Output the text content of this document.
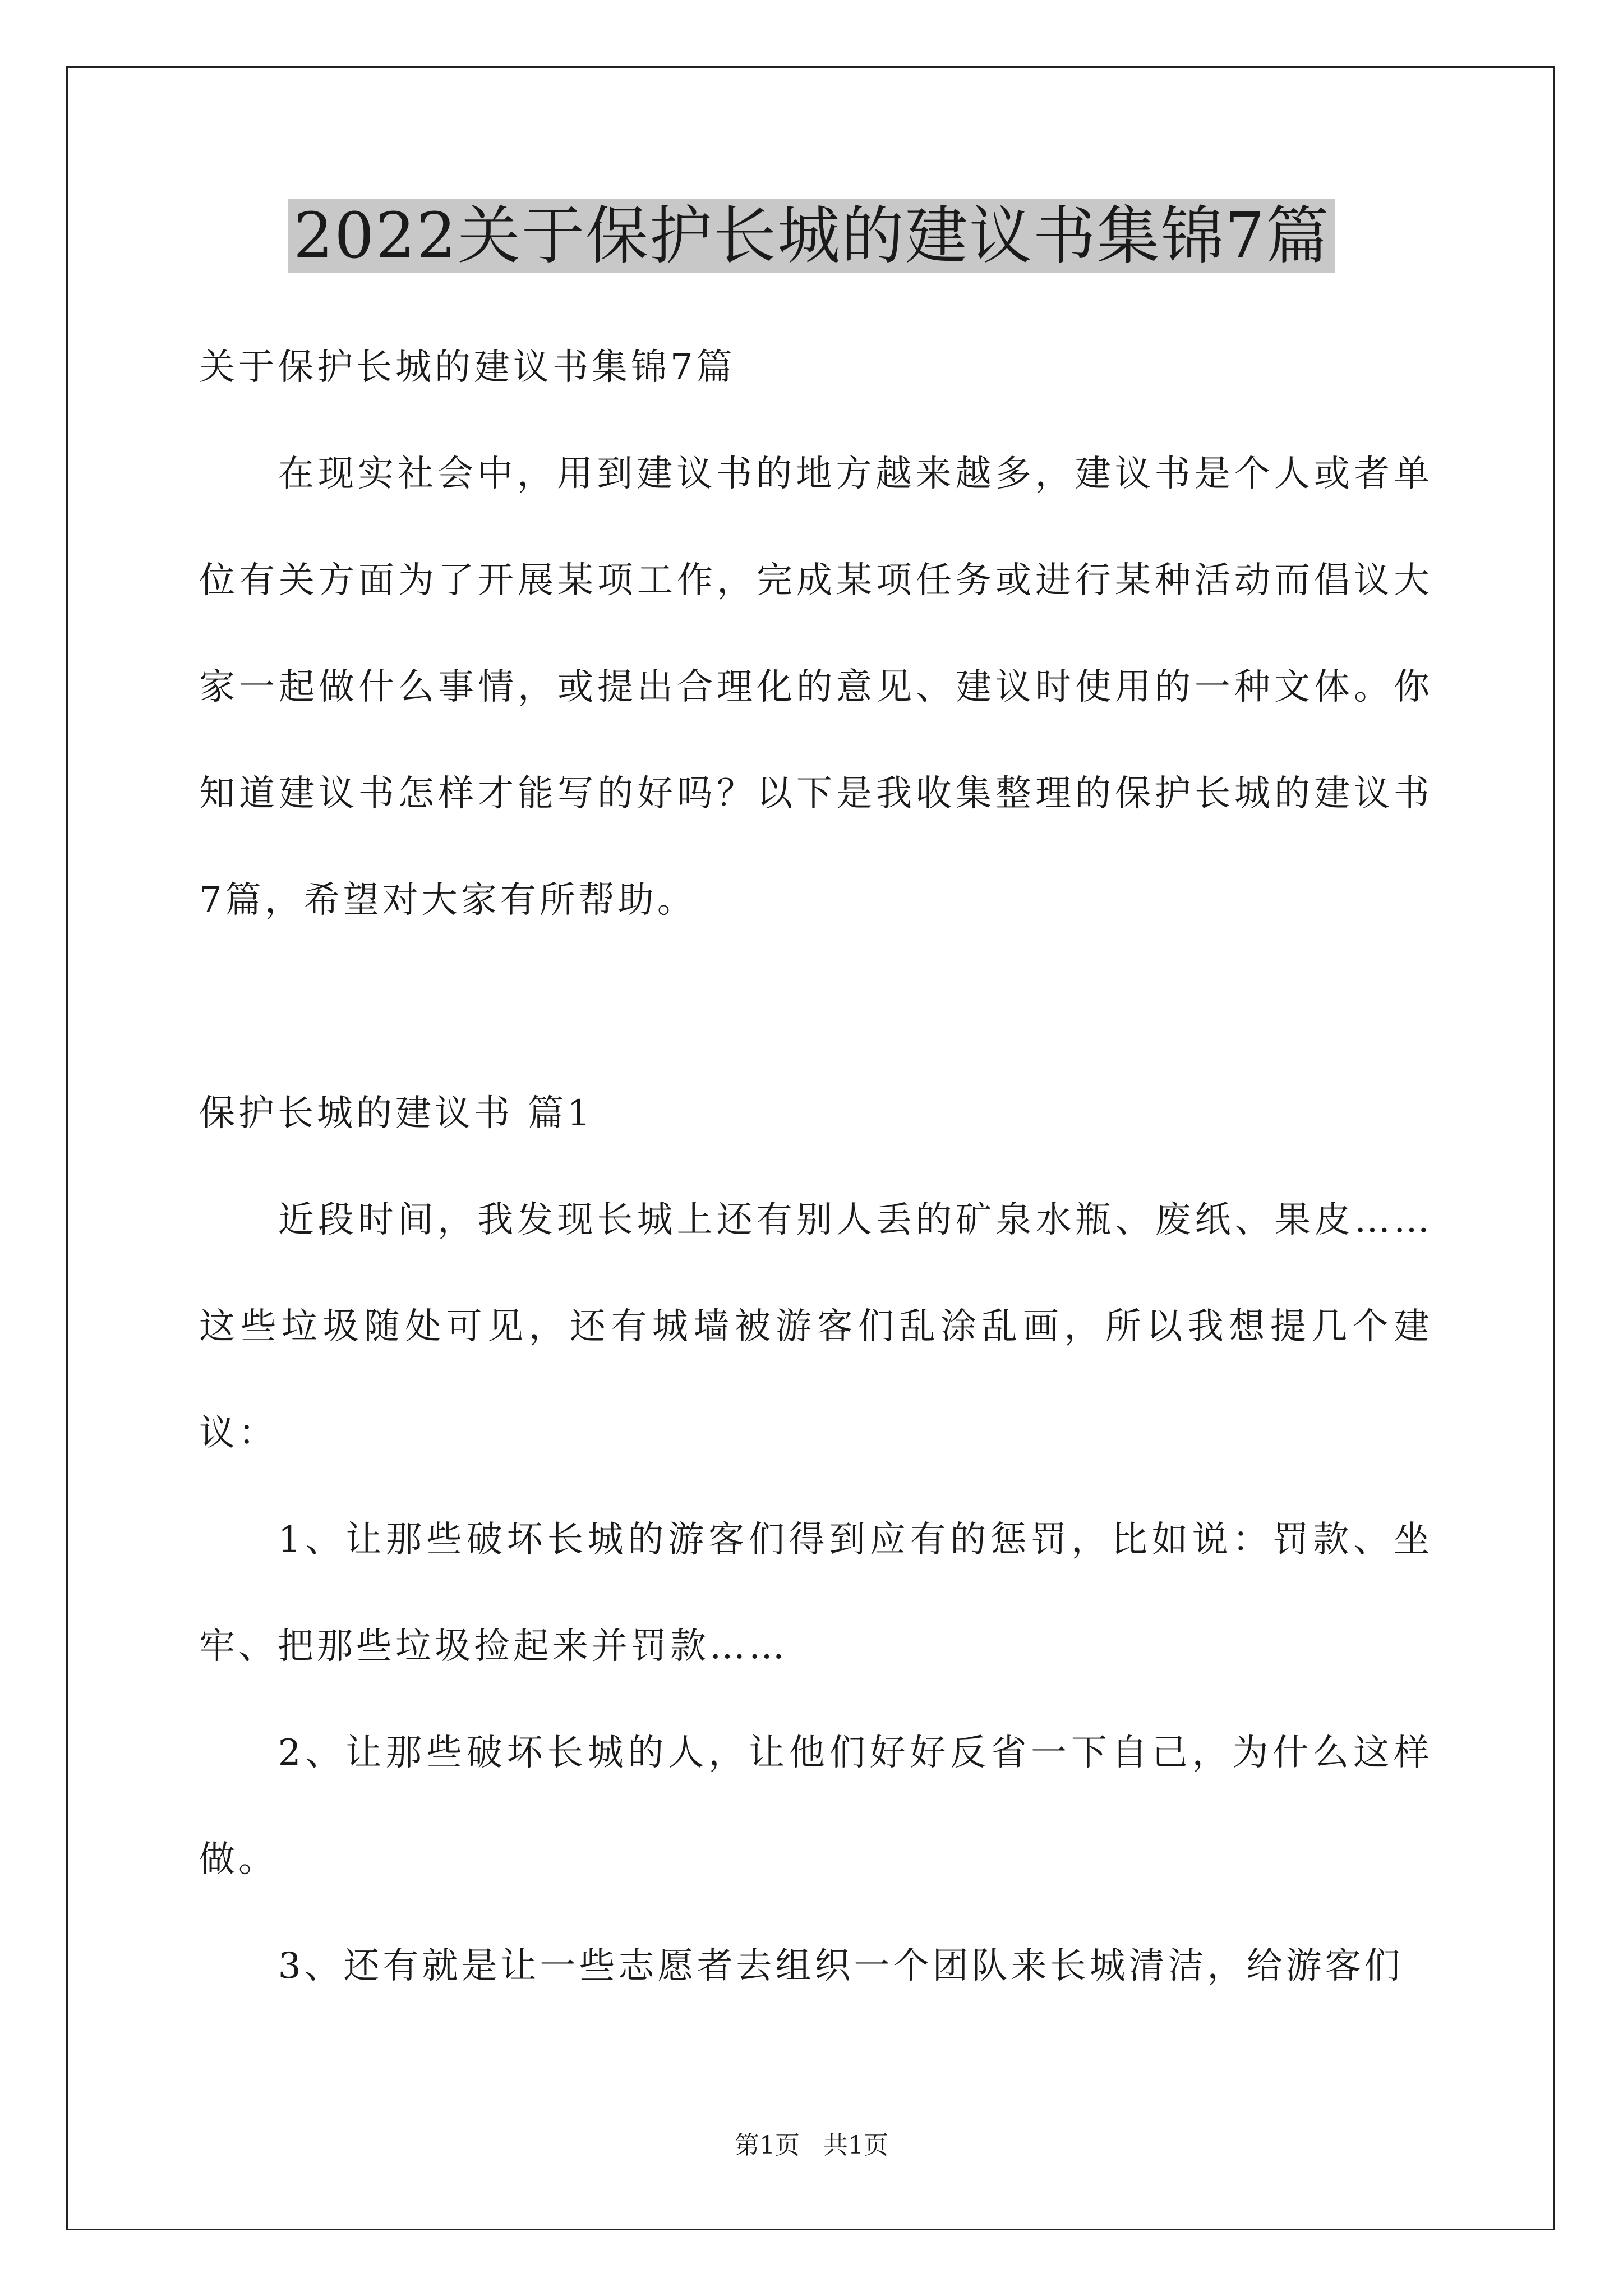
2022关于保护长城的建议书集锦7篇

关于保护长城的建议书集锦7篇

在现实社会中，用到建议书的地方越来越多，建议书是个人或者单位有关方面为了开展某项工作，完成某项任务或进行某种活动而倡议大家一起做什么事情，或提出合理化的意见、建议时使用的一种文体。你知道建议书怎样才能写的好吗？以下是我收集整理的保护长城的建议书7篇，希望对大家有所帮助。

保护长城的建议书 篇1

近段时间，我发现长城上还有别人丢的矿泉水瓶、废纸、果皮……这些垃圾随处可见，还有城墙被游客们乱涂乱画，所以我想提几个建议：

1、让那些破坏长城的游客们得到应有的惩罚，比如说：罚款、坐牢、把那些垃圾捡起来并罚款……

2、让那些破坏长城的人，让他们好好反省一下自己，为什么这样做。

3、还有就是让一些志愿者去组织一个团队来长城清洁，给游客们

第1页 共1页
